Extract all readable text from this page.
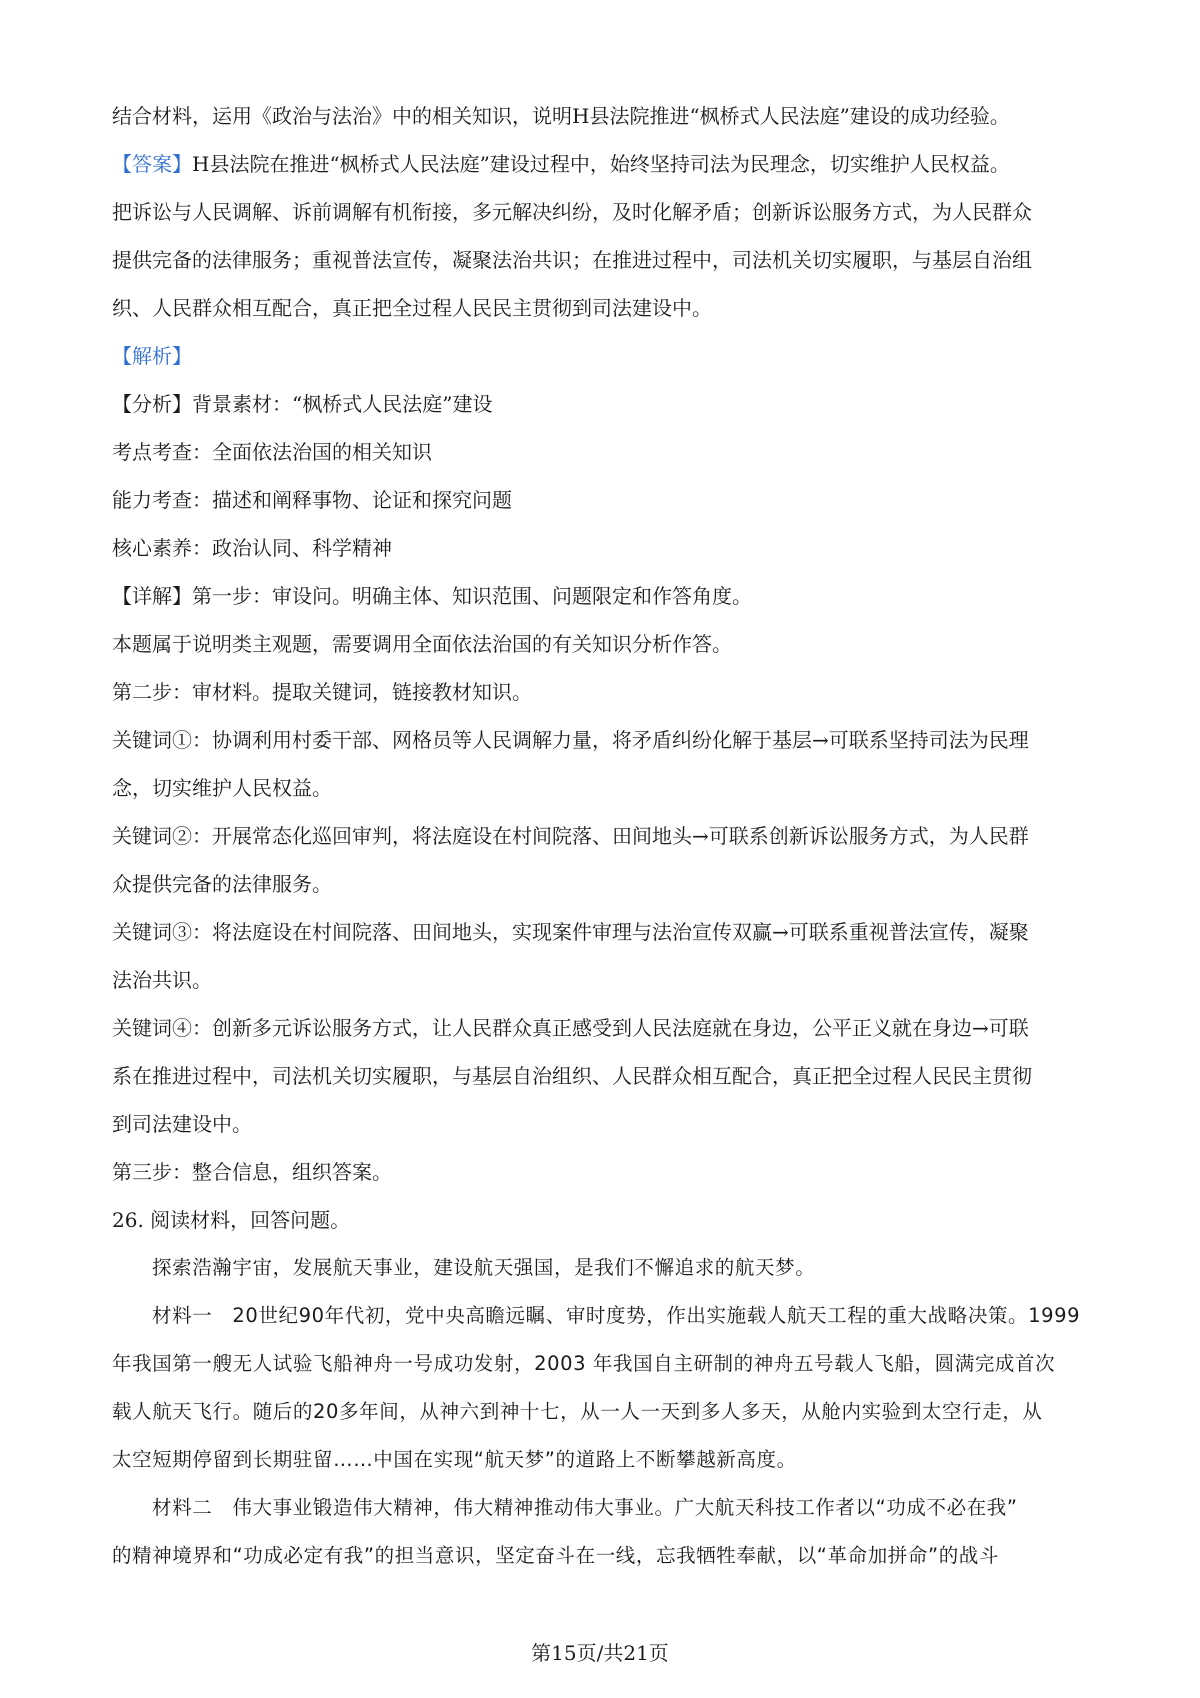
结合材料，运用《政治与法治》中的相关知识，说明H县法院推进“枫桥式人民法庭”建设的成功经验。

【答案】H县法院在推进“枫桥式人民法庭”建设过程中，始终坚持司法为民理念，切实维护人民权益。

把诉讼与人民调解、诉前调解有机衔接，多元解决纠纷，及时化解矛盾；创新诉讼服务方式，为人民群众

提供完备的法律服务；重视普法宣传，凝聚法治共识；在推进过程中，司法机关切实履职，与基层自治组

织、人民群众相互配合，真正把全过程人民民主贯彻到司法建设中。

【解析】

【分析】背景素材：“枫桥式人民法庭”建设

考点考查：全面依法治国的相关知识

能力考查：描述和阐释事物、论证和探究问题

核心素养：政治认同、科学精神

【详解】第一步：审设问。明确主体、知识范围、问题限定和作答角度。

本题属于说明类主观题，需要调用全面依法治国的有关知识分析作答。

第二步：审材料。提取关键词，链接教材知识。

关键词①：协调利用村委干部、网格员等人民调解力量，将矛盾纠纷化解于基层→可联系坚持司法为民理

念，切实维护人民权益。

关键词②：开展常态化巡回审判，将法庭设在村间院落、田间地头→可联系创新诉讼服务方式，为人民群

众提供完备的法律服务。

关键词③：将法庭设在村间院落、田间地头，实现案件审理与法治宣传双赢→可联系重视普法宣传，凝聚

法治共识。

关键词④：创新多元诉讼服务方式，让人民群众真正感受到人民法庭就在身边，公平正义就在身边→可联

系在推进过程中，司法机关切实履职，与基层自治组织、人民群众相互配合，真正把全过程人民民主贯彻

到司法建设中。

第三步：整合信息，组织答案。

26. 阅读材料，回答问题。

探索浩瀚宇宙，发展航天事业，建设航天强国，是我们不懈追求的航天梦。

材料一　20世纪90年代初，党中央高瞻远瞩、审时度势，作出实施载人航天工程的重大战略决策。1999

年我国第一艘无人试验飞船神舟一号成功发射，2003 年我国自主研制的神舟五号载人飞船，圆满完成首次

载人航天飞行。随后的20多年间，从神六到神十七，从一人一天到多人多天，从舱内实验到太空行走，从

太空短期停留到长期驻留……中国在实现“航天梦”的道路上不断攀越新高度。

材料二　伟大事业锻造伟大精神，伟大精神推动伟大事业。广大航天科技工作者以“功成不必在我”

的精神境界和“功成必定有我”的担当意识，坚定奋斗在一线，忘我牺牲奉献，以“革命加拼命”的战斗

第15页/共21页
